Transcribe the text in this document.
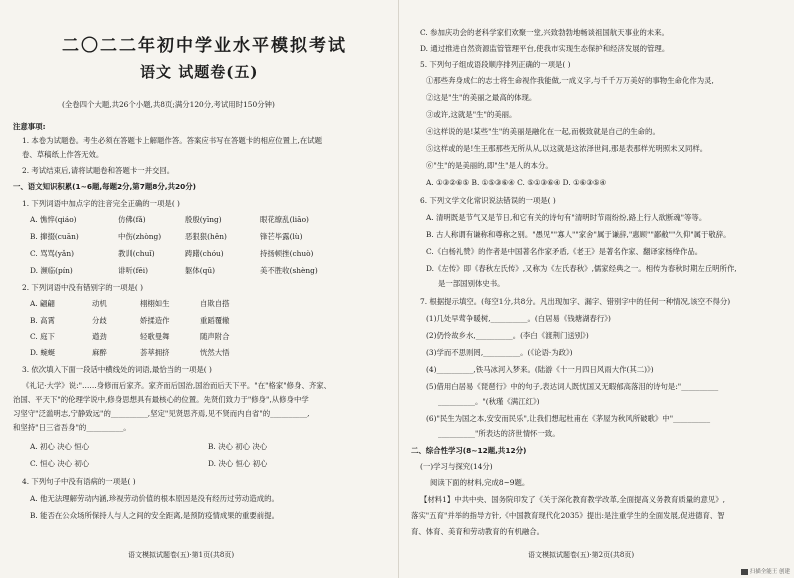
二〇二二年初中学业水平模拟考试
语文 试题卷(五)
(全卷四个大题,共26个小题,共8页;满分120分,考试用时150分钟)
注意事项:
1. 本卷为试题卷。考生必须在答题卡上解题作答。答案应书写在答题卡的相应位置上,在试题
卷、草稿纸上作答无效。
2. 考试结束后,请将试题卷和答题卡一并交回。
一、语文知识积累(1~6题,每题2分,第7题8分,共20分)
1. 下列词语中加点字的注音完全正确的一项是( )
A. 憔悴(qiáo)	仿佛(fǎ)	殷殷(yīng)	眼花缭乱(liāo)
B. 撺掇(cuān)	中伤(zhòng)	恶狠狠(hěn)	锋芒毕露(lù)
C. 骂骂(yǎn)	教训(chuǐ)	踌躇(chóu)	持扬顿挫(chuò)
D. 濒临(pín)	诽听(fēi)	躯体(qū)	美不胜收(shèng)
2. 下列词语中没有错别字的一项是( )
A. 翩翩	动机	栩栩如生	自欺自搭
B. 高霄	分歧	娇揉造作	重蹈覆辙
C. 庭下	遒劲	轻歌曼舞	随声附合
D. 蜿蜒	麻醉	荟萃拥挤	恍然大悟
3. 依次填入下面一段话中横线处的词语,最恰当的一项是( )
《礼记·大学》说:"……身修而后家齐。家齐而后国治,国治而后天下平。"在"格家"修身、齐家、
治国、平天下"的伦理学说中,修身思想具有最核心的位置。先贤们致力于"修身",从修身中学
习坚守"泛滥明志,宁静致远"的__________,坚定"见贤思齐焉,见不贤而内自省"的__________,
和坚持"日三省吾身"的__________。
A. 初心 决心 恒心	B. 决心 初心 决心
C. 恒心 决心 初心	D. 决心 恒心 初心
4. 下列句子中没有语病的一项是( )
A. 他无法理解劳动内涵,珍视劳动价值的根本原因是没有经历过劳动造成的。
B. 能否在公众场所保持人与人之间的安全距离,是预防疫情成果的重要前提。
语文模拟试题卷(五)·第1页(共8页)
C. 参加庆功会的老科学家们欢聚一堂,兴致勃勃地畅谈祖国航天事业的未来。
D. 通过推进自然资源监管管理平台,使我市实现生态保护和经济发展的管理。
5. 下列句子组成语段顺序排列正确的一项是( )
①那些奔身成仁的志士将生命视作我能做,一成义字,与千千万万美好的事物生命化作为灵,
②这是"生"的美丽之最高的体现。
③或许,这就是"生"的美丽。
④这样说的是!某些"生"的美丽是融化在一起,而极致就是自己的生命的。
⑤这样或的是!生王那那些无所从从,以这就是这浓泽世间,那是表那样光明照未又同样。
⑥"生"的是美丽的,即"生"是人的本分。
A. ①③②⑥⑤ B. ①⑤③⑥④ C. ⑤①③⑥④ D. ①⑥③⑤④
6. 下列文学文化常识说法错误的一项是( )
A. 清明既是节气又是节日,和它有关的诗句有"清明时节雨纷纷,路上行人欲断魂"等等。
B. 古人称谓有谦称和尊称之别。"愚见""寡人""家舍"属于谦辞,"惠顾""鄙敝""久仰"属于敬辞。
C.《白杨礼赞》的作者是中国著名作家矛盾,《老王》是著名作家、翻译家杨绛作品。
D.《左传》即《春秋左氏传》,又称为《左氏春秋》,儒家经典之一。相传为春秋时期左丘明所作,
是一部国别体史书。
7. 根据提示填空。(每空1分,共8分。凡出现加字、漏字、错别字中的任何一种情况,该空不得分)
(1)几处早莺争暖树,__________。(白居易《钱塘湖春行》)
(2)仍怜故乡水,__________。(李白《渡荆门送别》)
(3)学而不思则罔,__________。(《论语·为政》)
(4)__________,铁马冰河入梦来。(陆游《十一月四日风雨大作(其二)》)
(5)借用白居易《琵琶行》中的句子,表达词人既忧国又无暇郁高落泪的诗句是:"__________
__________。"(秋瑾《满江红》)
(6)"民生为国之本,安安而民乐",让我们想起杜甫在《茅屋为秋风所破歌》中"__________
__________"所表达的济世情怀一致。
二、综合性学习(8~12题,共12分)
(一)学习与探究(14分)
阅读下面的材料,完成8~9题。
【材料1】中共中央、国务院印发了《关于深化教育教学改革,全面提高义务教育质量的意见》,
落实"五育"并举的指导方针,《中国教育现代化2035》提出:是注重学生的全面发展,促进德育、智
育、体育、美育和劳动教育的有机融合。
语文模拟试题卷(五)·第2页(共8页)
扫描全能王 创建
